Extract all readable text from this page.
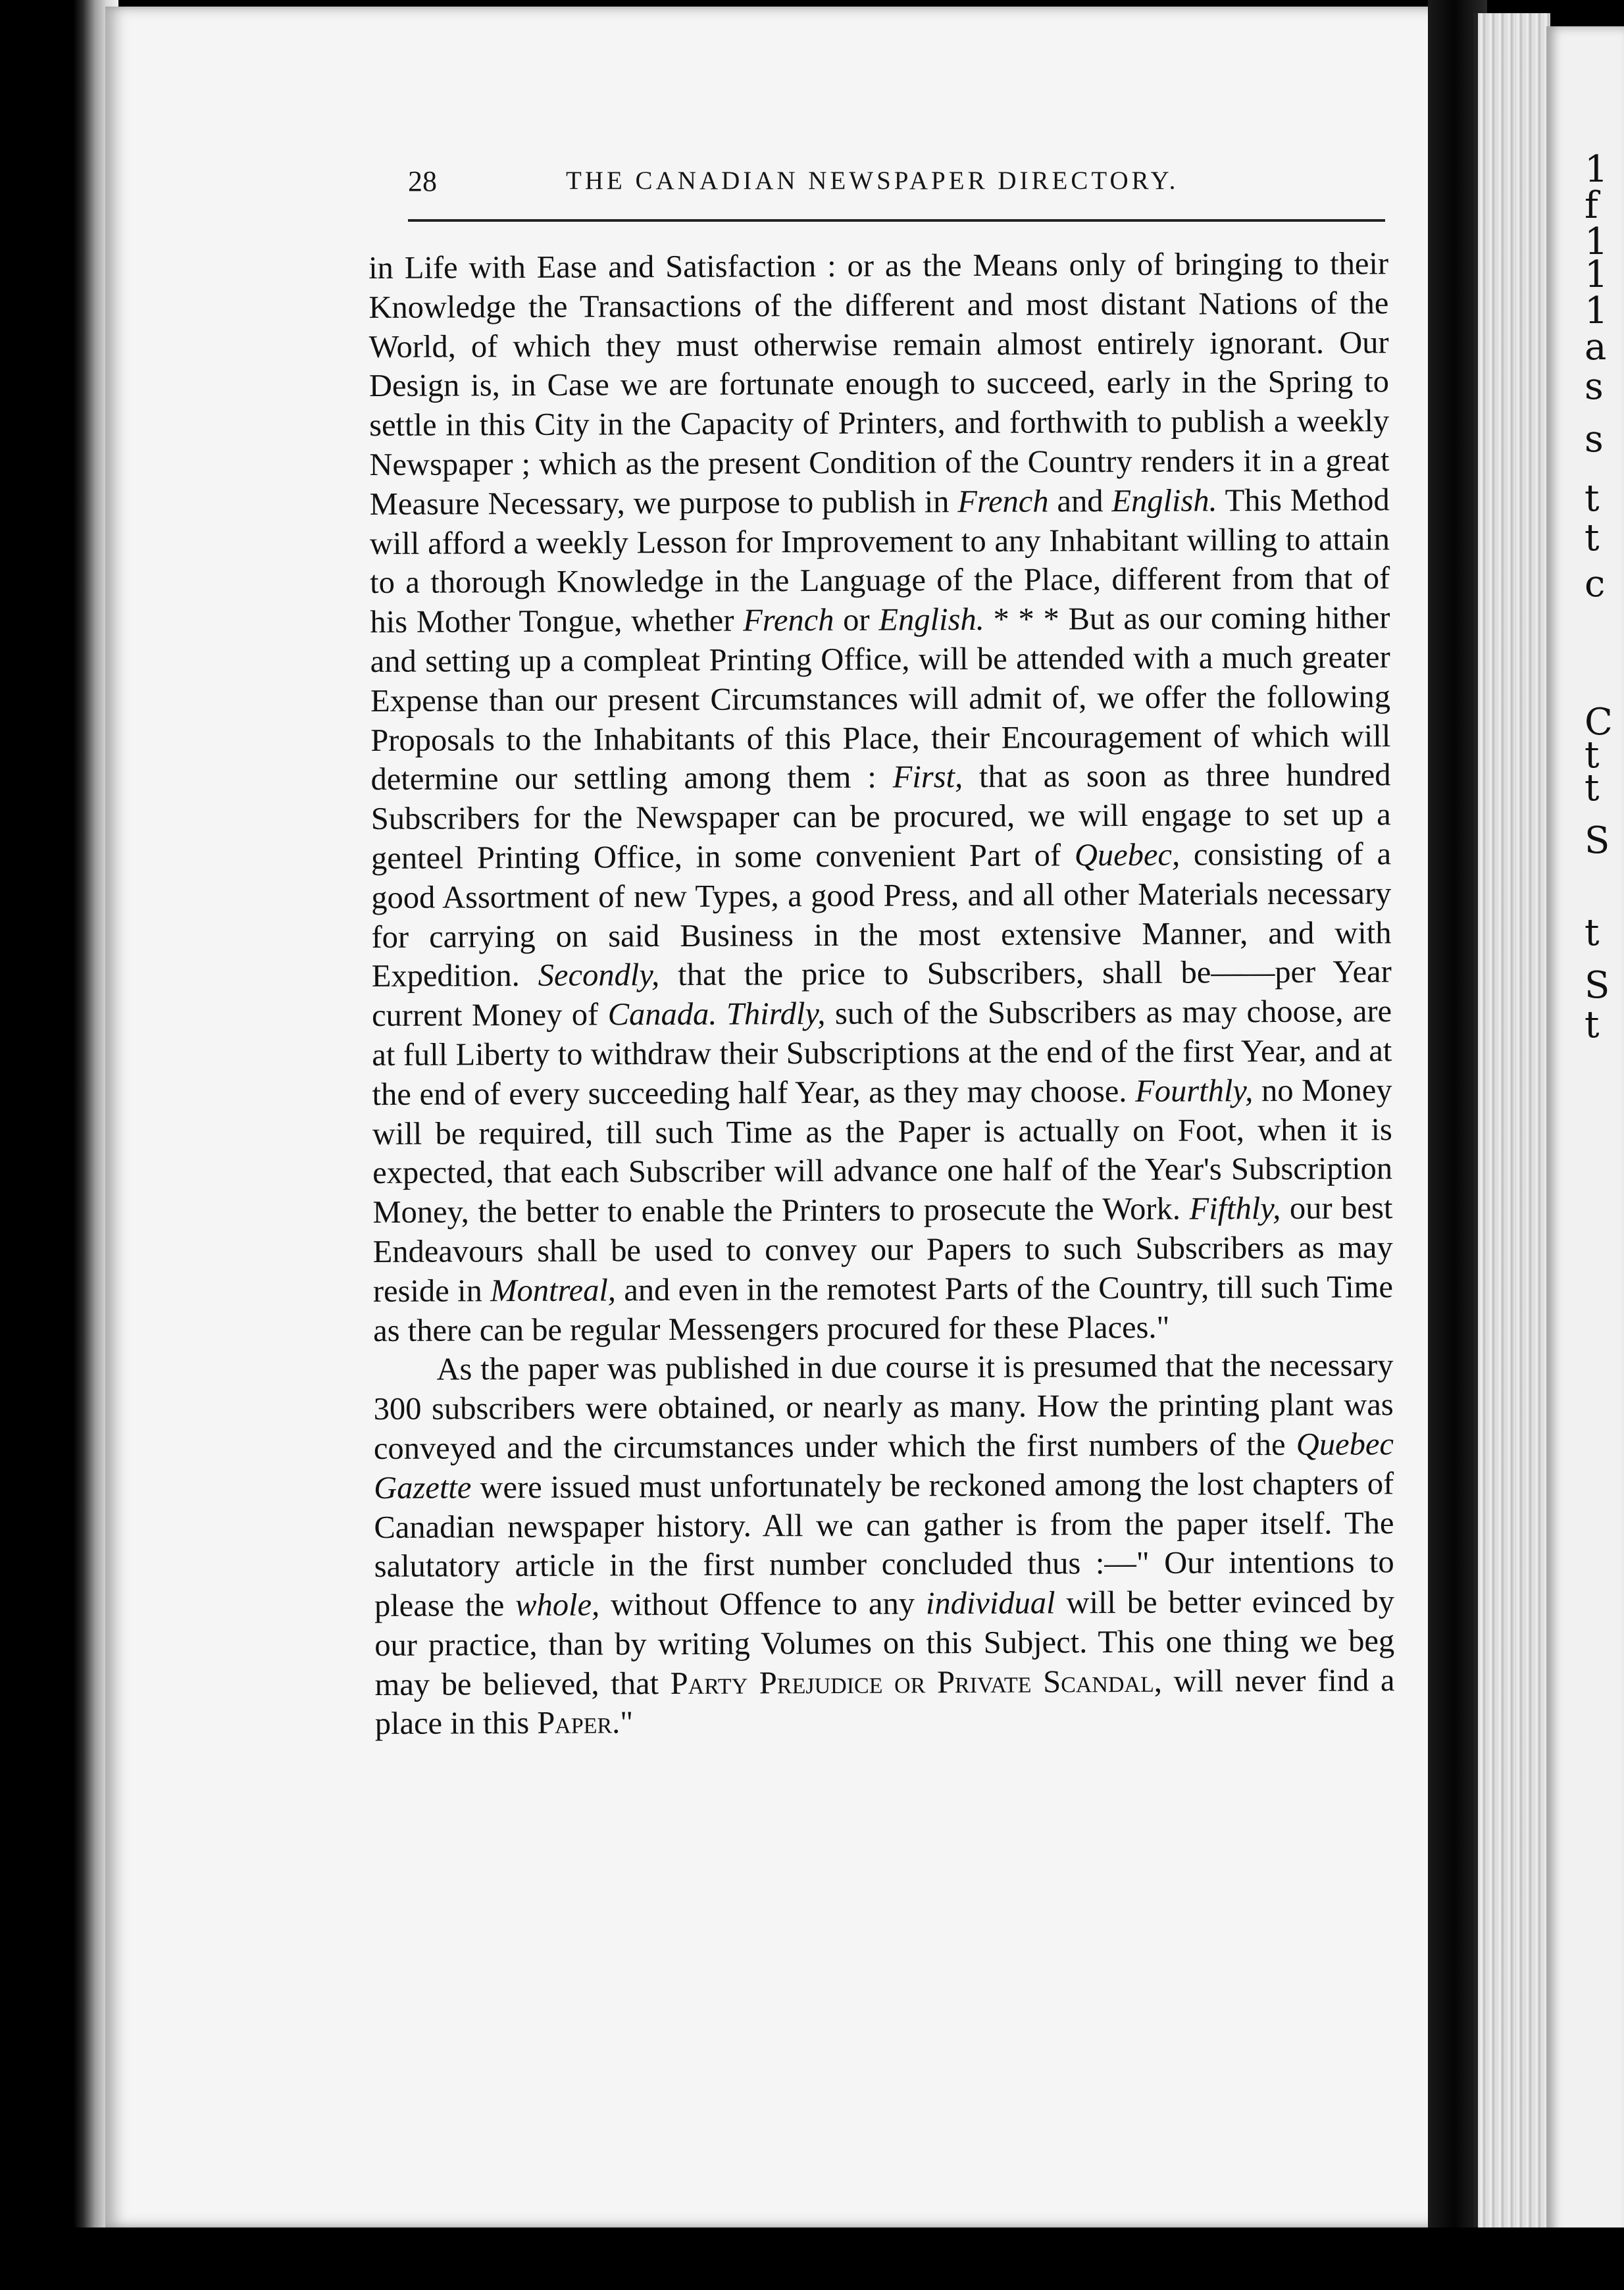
1
f
1
1
1
a
s
s
t
t
c
C
t
t
S
t
S
t
28	THE CANADIAN NEWSPAPER DIRECTORY.

in Life with Ease and Satisfaction : or as the Means only of bringing to their Knowledge the Transactions of the different and most distant Nations of the World, of which they must otherwise remain almost entirely ignorant. Our Design is, in Case we are fortunate enough to succeed, early in the Spring to settle in this City in the Capacity of Printers, and forthwith to publish a weekly Newspaper ; which as the present Condition of the Country renders it in a great Measure Necessary, we purpose to publish in French and English. This Method will afford a weekly Lesson for Improvement to any Inhabitant willing to attain to a thorough Knowledge in the Language of the Place, different from that of his Mother Tongue, whether French or English. * * * But as our coming hither and setting up a compleat Printing Office, will be attended with a much greater Expense than our present Circumstances will admit of, we offer the following Proposals to the Inhabitants of this Place, their Encouragement of which will determine our settling among them : First, that as soon as three hundred Subscribers for the Newspaper can be procured, we will engage to set up a genteel Printing Office, in some convenient Part of Quebec, consisting of a good Assortment of new Types, a good Press, and all other Materials necessary for carrying on said Business in the most extensive Manner, and with Expedition. Secondly, that the price to Subscribers, shall be——per Year current Money of Canada. Thirdly, such of the Subscribers as may choose, are at full Liberty to withdraw their Subscriptions at the end of the first Year, and at the end of every succeeding half Year, as they may choose. Fourthly, no Money will be required, till such Time as the Paper is actually on Foot, when it is expected, that each Subscriber will advance one half of the Year's Subscription Money, the better to enable the Printers to prosecute the Work. Fifthly, our best Endeavours shall be used to convey our Papers to such Subscribers as may reside in Montreal, and even in the remotest Parts of the Country, till such Time as there can be regular Messengers procured for these Places."

As the paper was published in due course it is presumed that the necessary 300 subscribers were obtained, or nearly as many. How the printing plant was conveyed and the circumstances under which the first numbers of the Quebec Gazette were issued must unfortunately be reckoned among the lost chapters of Canadian newspaper history. All we can gather is from the paper itself. The salutatory article in the first number concluded thus :—" Our intentions to please the whole, without Offence to any individual will be better evinced by our practice, than by writing Volumes on this Subject. This one thing we beg may be believed, that Party Prejudice or Private Scandal, will never find a place in this Paper."
